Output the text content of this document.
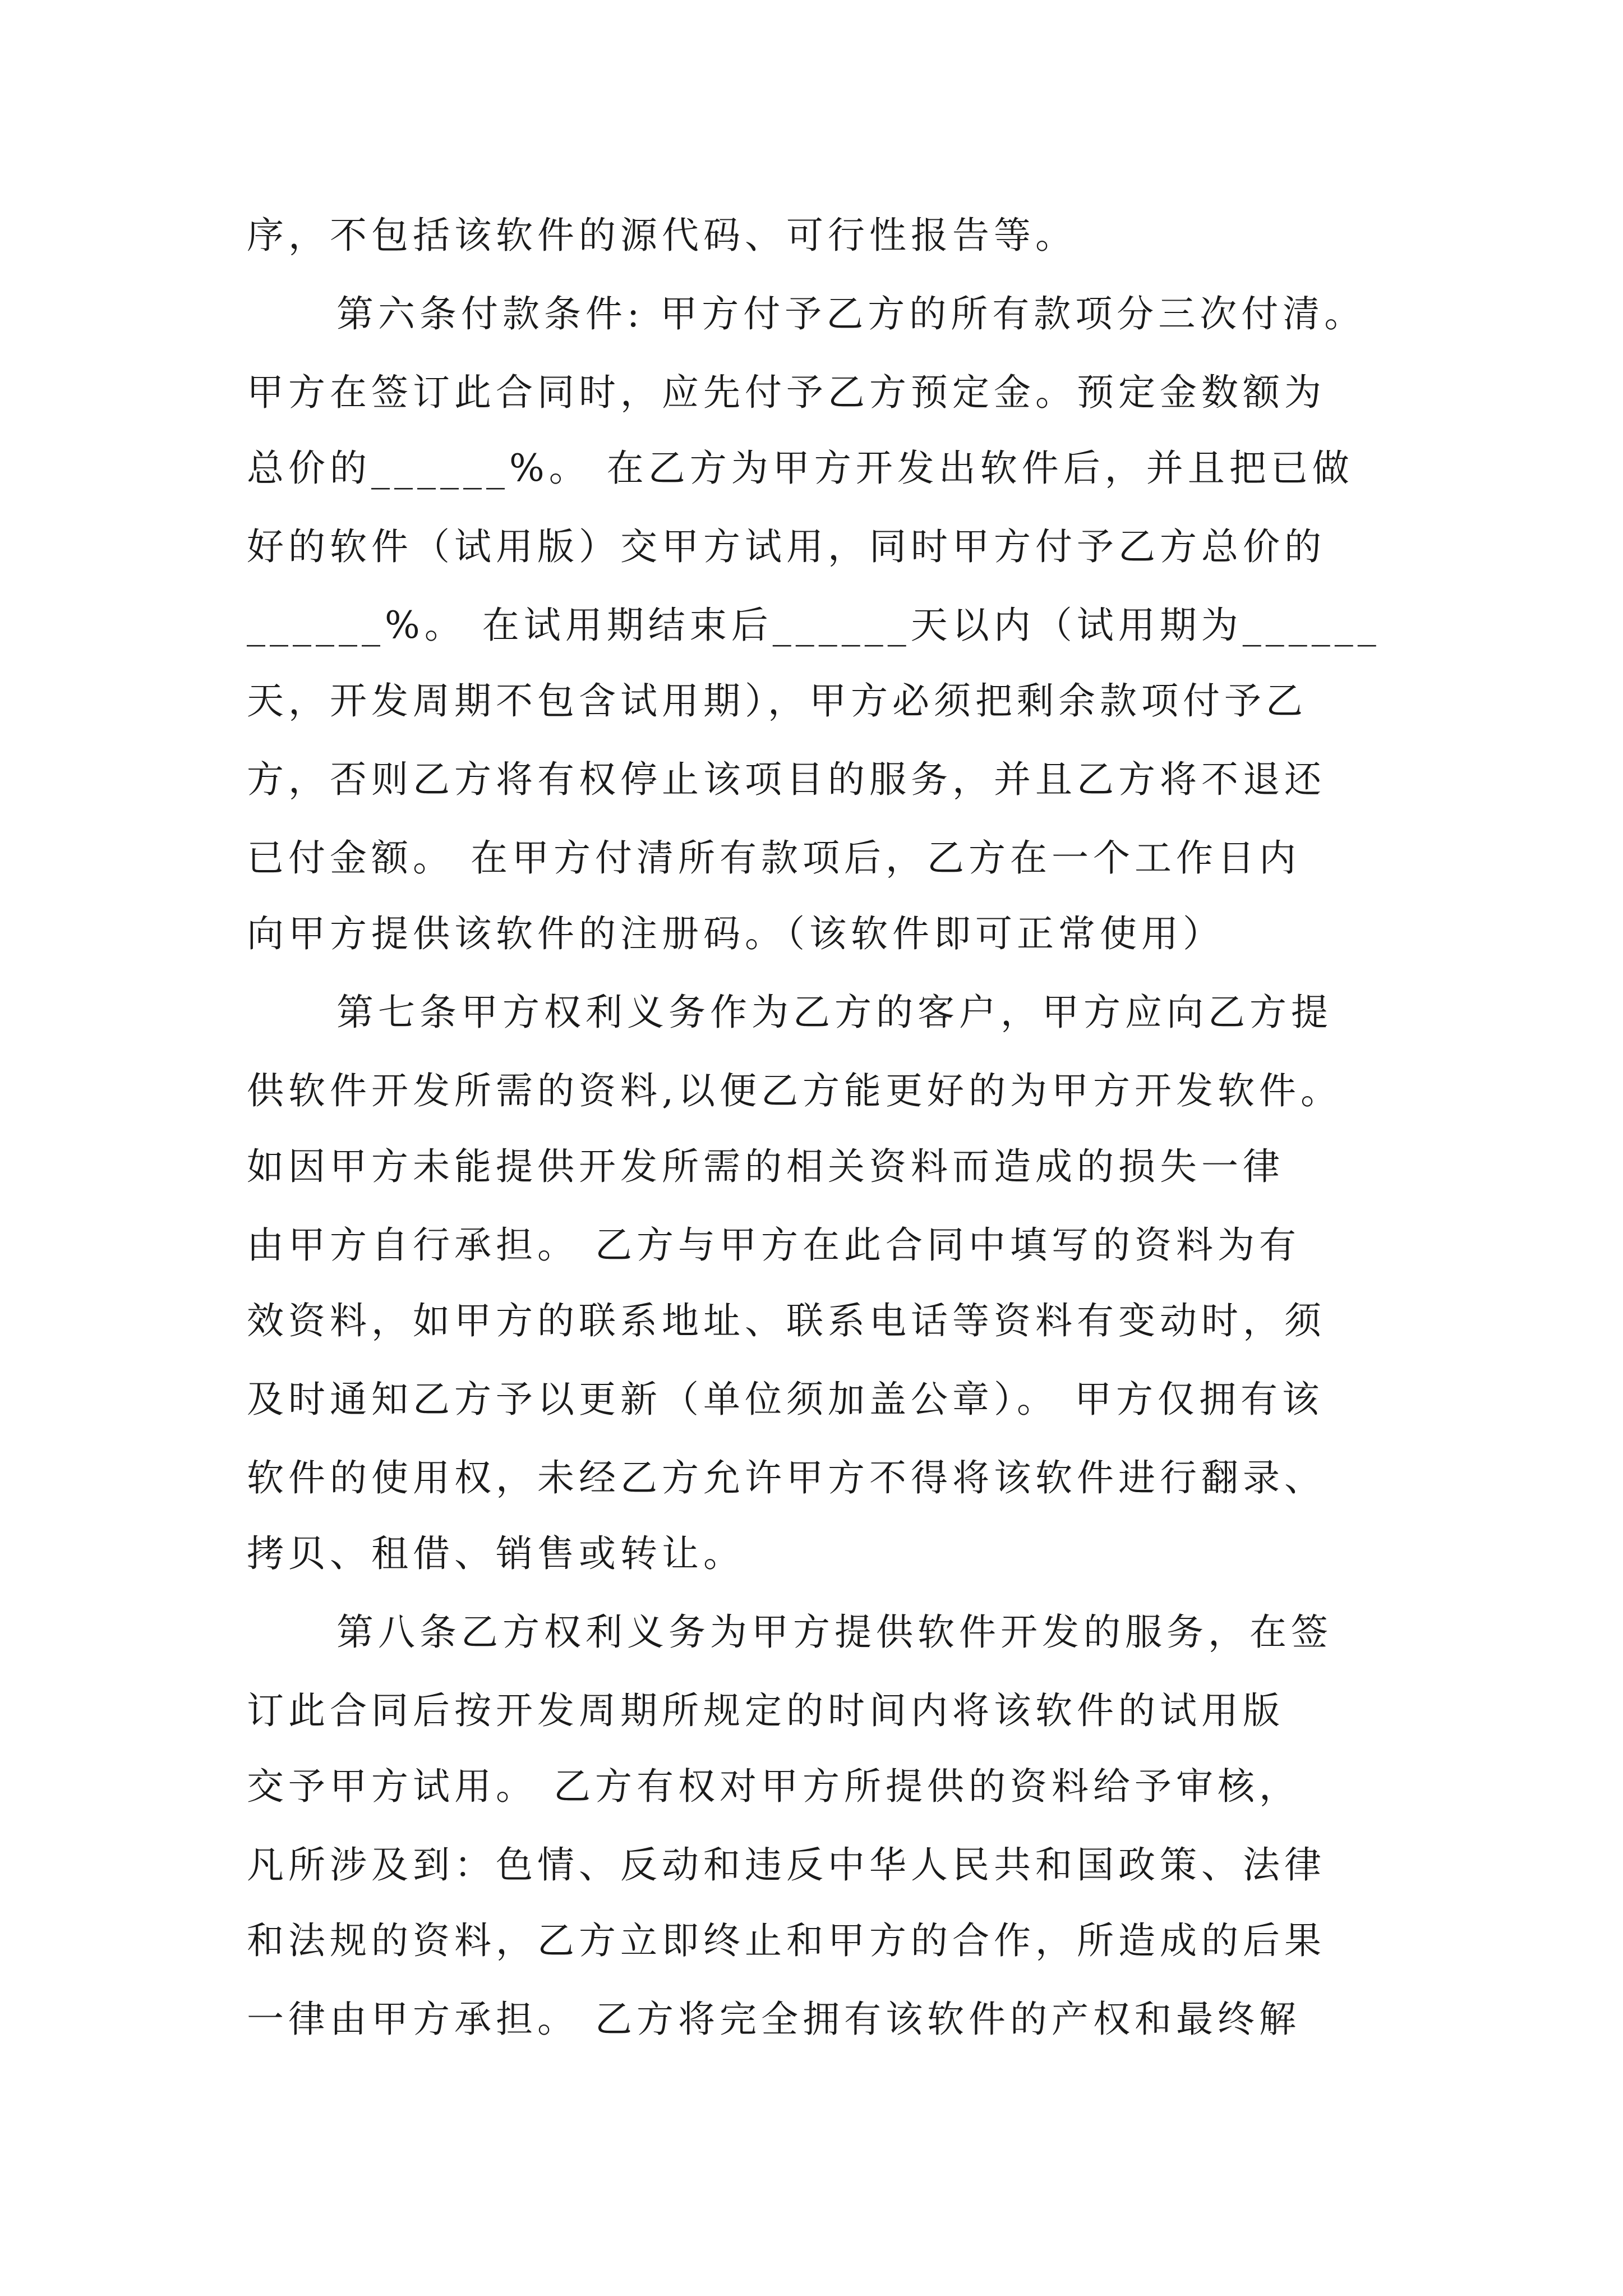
序，不包括该软件的源代码、可行性报告等。
第六条付款条件: 甲方付予乙方的所有款项分三次付清。
甲方在签订此合同时，应先付予乙方预定金。预定金数额为
总价的______%。 在乙方为甲方开发出软件后，并且把已做
好的软件（试用版）交甲方试用，同时甲方付予乙方总价的
______%。 在试用期结束后______天以内（试用期为______
天，开发周期不包含试用期），甲方必须把剩余款项付予乙
方，否则乙方将有权停止该项目的服务，并且乙方将不退还
已付金额。 在甲方付清所有款项后，乙方在一个工作日内
向甲方提供该软件的注册码。（该软件即可正常使用）
第七条甲方权利义务作为乙方的客户，甲方应向乙方提
供软件开发所需的资料,以便乙方能更好的为甲方开发软件。
如因甲方未能提供开发所需的相关资料而造成的损失一律
由甲方自行承担。 乙方与甲方在此合同中填写的资料为有
效资料，如甲方的联系地址、联系电话等资料有变动时，须
及时通知乙方予以更新（单位须加盖公章）。 甲方仅拥有该
软件的使用权，未经乙方允许甲方不得将该软件进行翻录、
拷贝、租借、销售或转让。
第八条乙方权利义务为甲方提供软件开发的服务，在签
订此合同后按开发周期所规定的时间内将该软件的试用版
交予甲方试用。 乙方有权对甲方所提供的资料给予审核，
凡所涉及到：色情、反动和违反中华人民共和国政策、法律
和法规的资料，乙方立即终止和甲方的合作，所造成的后果
一律由甲方承担。 乙方将完全拥有该软件的产权和最终解
